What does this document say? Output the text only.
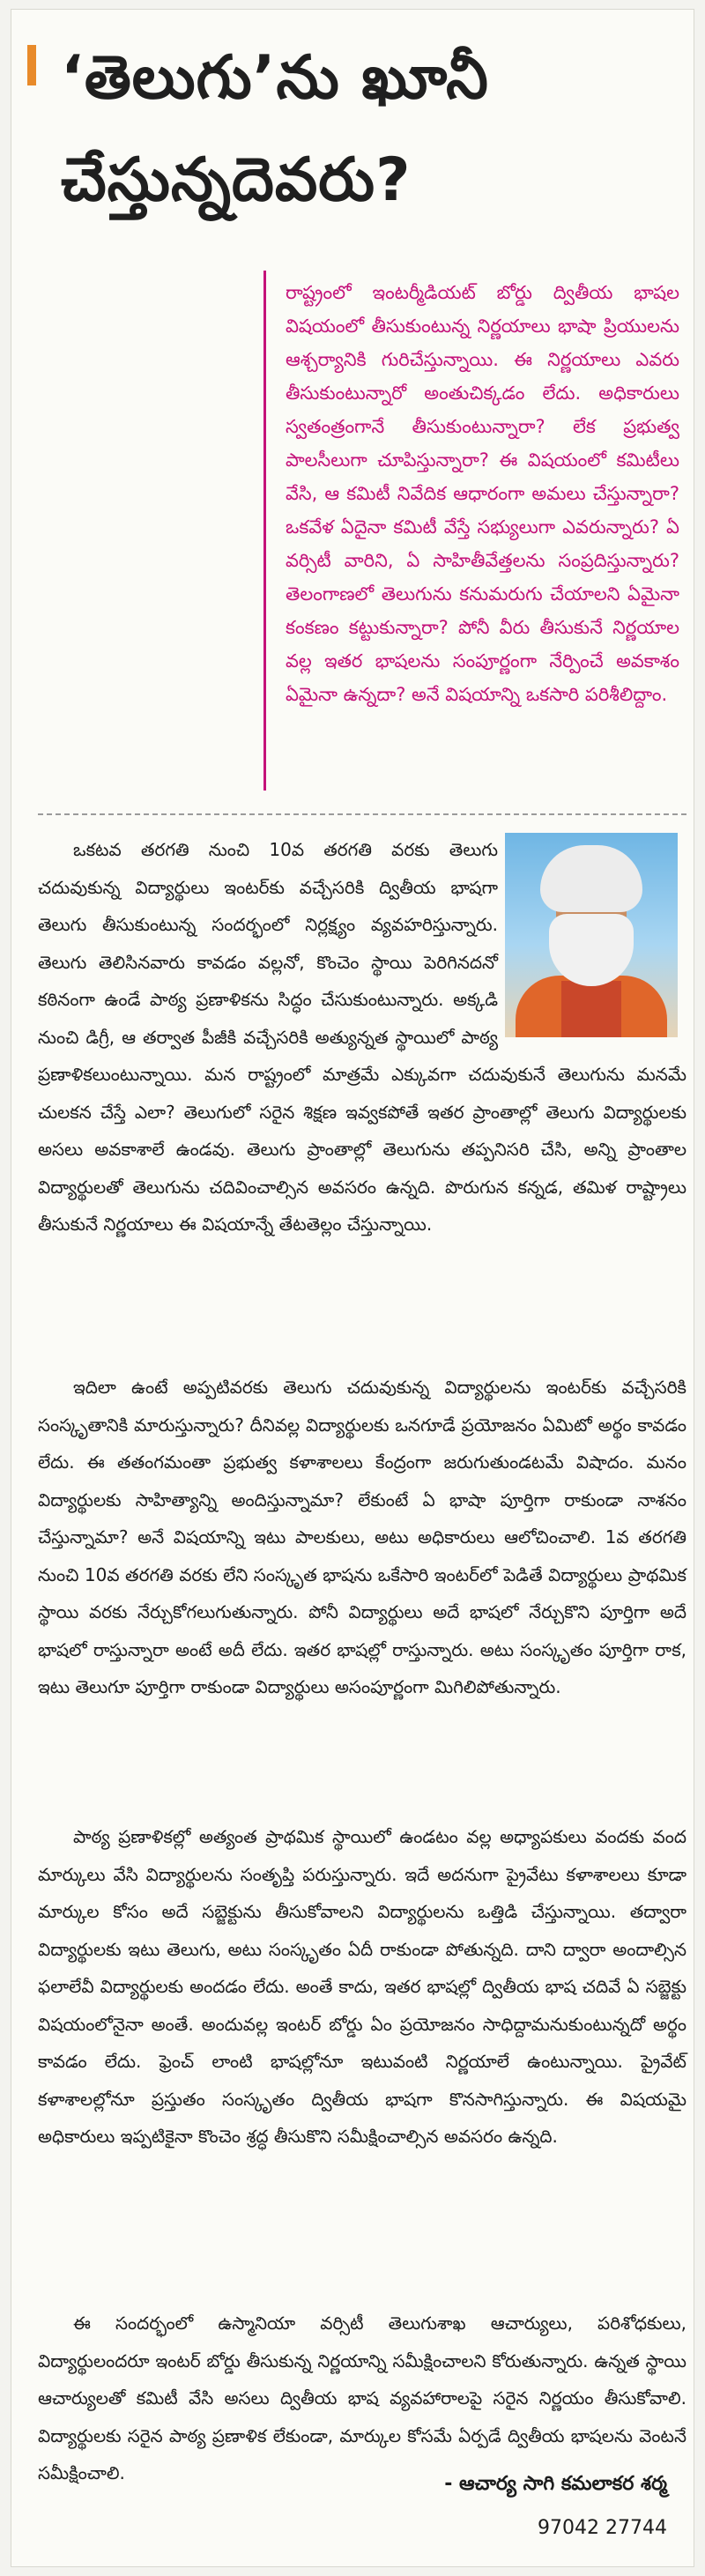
‘తెలుగు’ను ఖూనీ చేస్తున్నదెవరు?

రాష్ట్రంలో ఇంటర్మీడియట్ బోర్డు ద్వితీయ భాషల విషయంలో తీసుకుంటున్న నిర్ణయాలు భాషా ప్రియులను ఆశ్చర్యానికి గురిచేస్తున్నాయి. ఈ నిర్ణయాలు ఎవరు తీసుకుంటున్నారో అంతుచిక్కడం లేదు. అధికారులు స్వతంత్రంగానే తీసుకుంటున్నారా? లేక ప్రభుత్వ పాలసీలుగా చూపిస్తున్నారా? ఈ విషయంలో కమిటీలు వేసి, ఆ కమిటీ నివేదిక ఆధారంగా అమలు చేస్తున్నారా? ఒకవేళ ఏదైనా కమిటీ వేస్తే సభ్యులుగా ఎవరున్నారు? ఏ వర్సిటీ వారిని, ఏ సాహితీవేత్తలను సంప్రదిస్తున్నారు? తెలంగాణలో తెలుగును కనుమరుగు చేయాలని ఏమైనా కంకణం కట్టుకున్నారా? పోనీ వీరు తీసుకునే నిర్ణయాల వల్ల ఇతర భాషలను సంపూర్ణంగా నేర్పించే అవకాశం ఏమైనా ఉన్నదా? అనే విషయాన్ని ఒకసారి పరిశీలిద్దాం.

ఒకటవ తరగతి నుంచి 10వ తరగతి వరకు తెలుగు చదువుకున్న విద్యార్థులు ఇంటర్‌కు వచ్చేసరికి ద్వితీయ భాషగా తెలుగు తీసుకుంటున్న సందర్భంలో నిర్లక్ష్యం వ్యవహరిస్తున్నారు. తెలుగు తెలిసినవారు కావడం వల్లనో, కొంచెం స్థాయి పెరిగినదనో కఠినంగా ఉండే పాఠ్య ప్రణాళికను సిద్ధం చేసుకుంటున్నారు. అక్కడి నుంచి డిగ్రీ, ఆ తర్వాత పీజీకి వచ్చేసరికి అత్యున్నత స్థాయిలో పాఠ్య ప్రణాళికలుంటున్నాయి. మన రాష్ట్రంలో మాత్రమే ఎక్కువగా చదువుకునే తెలుగును మనమే చులకన చేస్తే ఎలా? తెలుగులో సరైన శిక్షణ ఇవ్వకపోతే ఇతర ప్రాంతాల్లో తెలుగు విద్యార్థులకు అసలు అవకాశాలే ఉండవు. తెలుగు ప్రాంతాల్లో తెలుగును తప్పనిసరి చేసి, అన్ని ప్రాంతాల విద్యార్థులతో తెలుగును చదివించాల్సిన అవసరం ఉన్నది. పొరుగున కన్నడ, తమిళ రాష్ట్రాలు తీసుకునే నిర్ణయాలు ఈ విషయాన్నే తేటతెల్లం చేస్తున్నాయి.

ఇదిలా ఉంటే అప్పటివరకు తెలుగు చదువుకున్న విద్యార్థులను ఇంటర్‌కు వచ్చేసరికి సంస్కృతానికి మారుస్తున్నారు? దీనివల్ల విద్యార్థులకు ఒనగూడే ప్రయోజనం ఏమిటో అర్థం కావడం లేదు. ఈ తతంగమంతా ప్రభుత్వ కళాశాలలు కేంద్రంగా జరుగుతుండటమే విషాదం. మనం విద్యార్థులకు సాహిత్యాన్ని అందిస్తున్నామా? లేకుంటే ఏ భాషా పూర్తిగా రాకుండా నాశనం చేస్తున్నామా? అనే విషయాన్ని ఇటు పాలకులు, అటు అధికారులు ఆలోచించాలి. 1వ తరగతి నుంచి 10వ తరగతి వరకు లేని సంస్కృత భాషను ఒకేసారి ఇంటర్‌లో పెడితే విద్యార్థులు ప్రాథమిక స్థాయి వరకు నేర్చుకోగలుగుతున్నారు. పోనీ విద్యార్థులు అదే భాషలో నేర్చుకొని పూర్తిగా అదే భాషలో రాస్తున్నారా అంటే అదీ లేదు. ఇతర భాషల్లో రాస్తున్నారు. అటు సంస్కృతం పూర్తిగా రాక, ఇటు తెలుగూ పూర్తిగా రాకుండా విద్యార్థులు అసంపూర్ణంగా మిగిలిపోతున్నారు.

పాఠ్య ప్రణాళికల్లో అత్యంత ప్రాథమిక స్థాయిలో ఉండటం వల్ల అధ్యాపకులు వందకు వంద మార్కులు వేసి విద్యార్థులను సంతృప్తి పరుస్తున్నారు. ఇదే అదనుగా ప్రైవేటు కళాశాలలు కూడా మార్కుల కోసం అదే సబ్జెక్టును తీసుకోవాలని విద్యార్థులను ఒత్తిడి చేస్తున్నాయి. తద్వారా విద్యార్థులకు ఇటు తెలుగు, అటు సంస్కృతం ఏదీ రాకుండా పోతున్నది. దాని ద్వారా అందాల్సిన ఫలాలేవీ విద్యార్థులకు అందడం లేదు. అంతే కాదు, ఇతర భాషల్లో ద్వితీయ భాష చదివే ఏ సబ్జెక్టు విషయంలోనైనా అంతే. అందువల్ల ఇంటర్ బోర్డు ఏం ప్రయోజనం సాధిద్దామనుకుంటున్నదో అర్థం కావడం లేదు. ఫ్రెంచ్ లాంటి భాషల్లోనూ ఇటువంటి నిర్ణయాలే ఉంటున్నాయి. ప్రైవేట్ కళాశాలల్లోనూ ప్రస్తుతం సంస్కృతం ద్వితీయ భాషగా కొనసాగిస్తున్నారు. ఈ విషయమై అధికారులు ఇప్పటికైనా కొంచెం శ్రద్ధ తీసుకొని సమీక్షించాల్సిన అవసరం ఉన్నది.

ఈ సందర్భంలో ఉస్మానియా వర్సిటీ తెలుగుశాఖ ఆచార్యులు, పరిశోధకులు, విద్యార్థులందరూ ఇంటర్ బోర్డు తీసుకున్న నిర్ణయాన్ని సమీక్షించాలని కోరుతున్నారు. ఉన్నత స్థాయి ఆచార్యులతో కమిటీ వేసి అసలు ద్వితీయ భాష వ్యవహారాలపై సరైన నిర్ణయం తీసుకోవాలి. విద్యార్థులకు సరైన పాఠ్య ప్రణాళిక లేకుండా, మార్కుల కోసమే ఏర్పడే ద్వితీయ భాషలను వెంటనే సమీక్షించాలి.	- ఆచార్య సాగి కమలాకర శర్మ
97042 27744
